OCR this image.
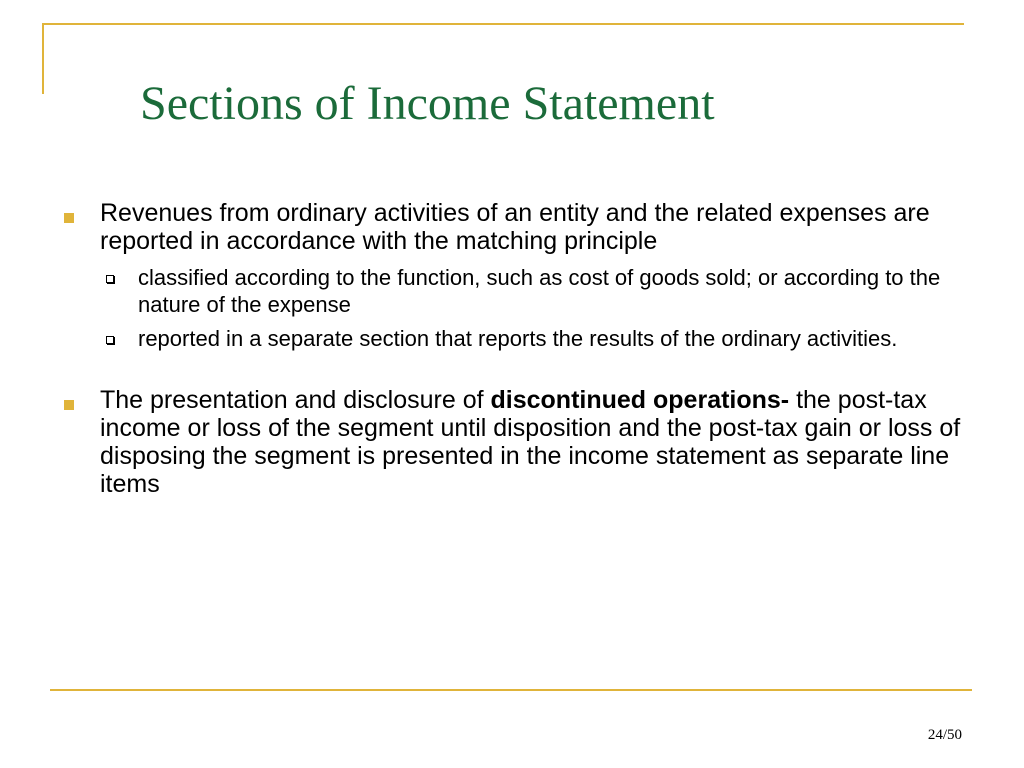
Sections of Income Statement
Revenues from ordinary activities of an entity and the related expenses are reported in accordance with the matching principle
classified according to the function, such as cost of goods sold; or according to the nature of the expense
reported in a separate section that reports the results of the ordinary activities.
The presentation and disclosure of discontinued operations- the post-tax income or loss of the segment until disposition and the post-tax gain or loss of disposing the segment is presented in the income statement as separate line items
24/50
